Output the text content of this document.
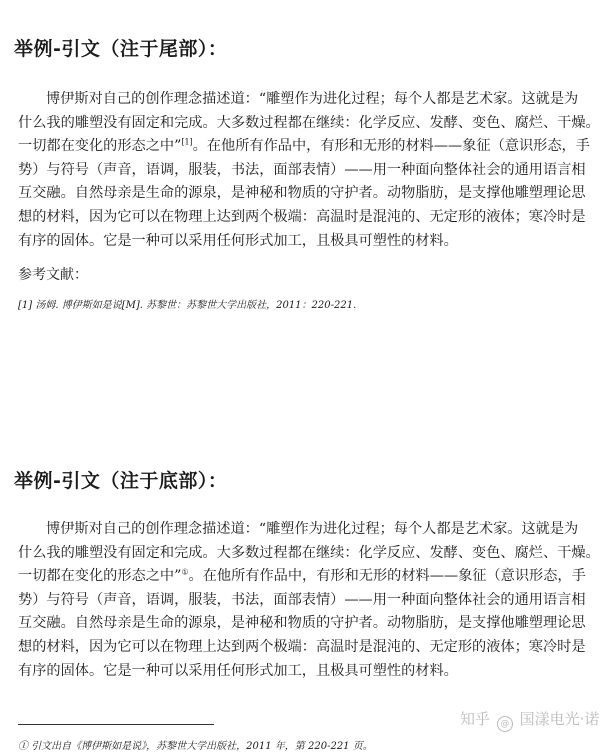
举例-引文（注于尾部）：

博伊斯对自己的创作理念描述道：“雕塑作为进化过程；每个人都是艺术家。这就是为
什么我的雕塑没有固定和完成。大多数过程都在继续：化学反应、发酵、变色、腐烂、干燥。
一切都在变化的形态之中”[1]。在他所有作品中，有形和无形的材料——象征（意识形态，手
势）与符号（声音，语调，服装，书法，面部表情）——用一种面向整体社会的通用语言相
互交融。自然母亲是生命的源泉，是神秘和物质的守护者。动物脂肪，是支撑他雕塑理论思
想的材料，因为它可以在物理上达到两个极端：高温时是混沌的、无定形的液体；寒冷时是
有序的固体。它是一种可以采用任何形式加工，且极具可塑性的材料。

参考文献：
[1] 汤姆. 博伊斯如是说[M]. 苏黎世：苏黎世大学出版社，2011：220-221.
举例-引文（注于底部）：

博伊斯对自己的创作理念描述道：“雕塑作为进化过程；每个人都是艺术家。这就是为
什么我的雕塑没有固定和完成。大多数过程都在继续：化学反应、发酵、变色、腐烂、干燥。
一切都在变化的形态之中”①。在他所有作品中，有形和无形的材料——象征（意识形态，手
势）与符号（声音，语调，服装，书法，面部表情）——用一种面向整体社会的通用语言相
互交融。自然母亲是生命的源泉，是神秘和物质的守护者。动物脂肪，是支撑他雕塑理论思
想的材料，因为它可以在物理上达到两个极端：高温时是混沌的、无定形的液体；寒冷时是
有序的固体。它是一种可以采用任何形式加工，且极具可塑性的材料。

① 引文出自《博伊斯如是说》，苏黎世大学出版社，2011 年，第 220-221 页。
知乎 @ 国漾电光·诺
